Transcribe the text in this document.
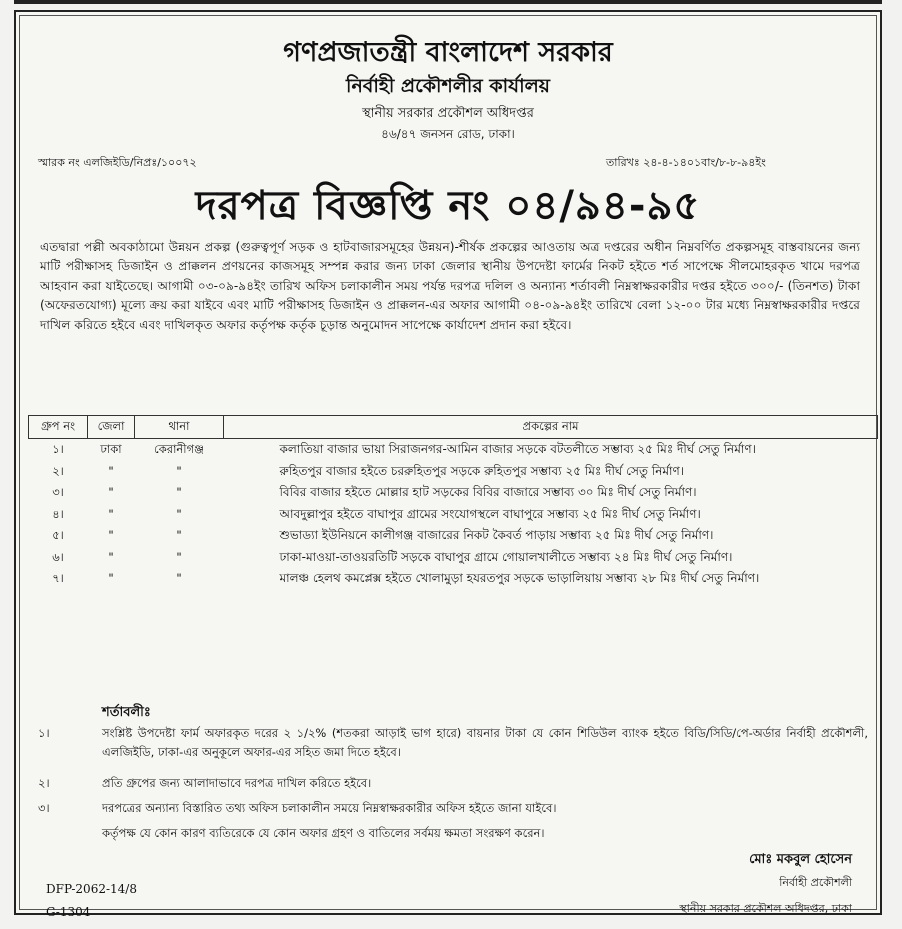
গণপ্রজাতন্ত্রী বাংলাদেশ সরকার
নির্বাহী প্রকৌশলীর কার্যালয়
স্থানীয় সরকার প্রকৌশল অধিদপ্তর
৪৬/৪৭ জনসন রোড, ঢাকা।
স্মারক নং এলজিইডি/নিপ্রঃ/১০০৭২	তারিখঃ ২৪-৪-১৪০১বাং/৮-৮-৯৪ইং
দরপত্র বিজ্ঞপ্তি নং ০৪/৯৪-৯৫
এতদ্বারা পল্লী অবকাঠামো উন্নয়ন প্রকল্প (গুরুত্বপূর্ণ সড়ক ও হাটবাজারসমূহের উন্নয়ন)-শীর্ষক প্রকল্পের আওতায় অত্র দপ্তরের অধীন নিম্নবর্ণিত প্রকল্পসমূহ বাস্তবায়নের জন্য মাটি পরীক্ষাসহ ডিজাইন ও প্রাক্কলন প্রণয়নের কাজসমূহ সম্পন্ন করার জন্য ঢাকা জেলার স্থানীয় উপদেষ্টা ফার্মের নিকট হইতে শর্ত সাপেক্ষে সীলমোহরকৃত খামে দরপত্র আহবান করা যাইতেছে। আগামী ০৩-০৯-৯৪ইং তারিখ অফিস চলাকালীন সময় পর্যন্ত দরপত্র দলিল ও অন্যান্য শর্তাবলী নিম্নস্বাক্ষরকারীর দপ্তর হইতে ৩০০/- (তিনশত) টাকা (অফেরতযোগ্য) মূল্যে ক্রয় করা যাইবে এবং মাটি পরীক্ষাসহ ডিজাইন ও প্রাক্কলন-এর অফার আগামী ০৪-০৯-৯৪ইং তারিখে বেলা ১২-০০ টার মধ্যে নিম্নস্বাক্ষরকারীর দপ্তরে দাখিল করিতে হইবে এবং দাখিলকৃত অফার কর্তৃপক্ষ কর্তৃক চূড়ান্ত অনুমোদন সাপেক্ষে কার্যাদেশ প্রদান করা হইবে।
গ্রুপ নং	জেলা	থানা	প্রকল্পের নাম
১।	ঢাকা	কেরানীগঞ্জ	কলাতিয়া বাজার ভায়া সিরাজনগর-আমিন বাজার সড়কে বটতলীতে সম্ভাব্য ২৫ মিঃ দীর্ঘ সেতু নির্মাণ।
২।	"	"	রুহিতপুর বাজার হইতে চররুহিতপুর সড়কে রুহিতপুর সম্ভাব্য ২৫ মিঃ দীর্ঘ সেতু নির্মাণ।
৩।	"	"	বিবির বাজার হইতে মোল্লার হাট সড়কের বিবির বাজারে সম্ভাব্য ৩০ মিঃ দীর্ঘ সেতু নির্মাণ।
৪।	"	"	আবদুল্লাপুর হইতে বাঘাপুর গ্রামের সংযোগস্থলে বাঘাপুরে সম্ভাব্য ২৫ মিঃ দীর্ঘ সেতু নির্মাণ।
৫।	"	"	শুভাড্যা ইউনিয়নে কালীগঞ্জ বাজারের নিকট কৈবর্ত পাড়ায় সম্ভাব্য ২৫ মিঃ দীর্ঘ সেতু নির্মাণ।
৬।	"	"	ঢাকা-মাওয়া-তাওয়রতিটি সড়কে বাঘাপুর গ্রামে গোয়ালখালীতে সম্ভাব্য ২৪ মিঃ দীর্ঘ সেতু নির্মাণ।
৭।	"	"	মালঞ্চ হেলথ কমপ্লেক্স হইতে খোলামুড়া হযরতপুর সড়কে ভাড়ালিয়ায় সম্ভাব্য ২৮ মিঃ দীর্ঘ সেতু নির্মাণ।
শর্তাবলীঃ
১।	সংশ্লিষ্ট উপদেষ্টা ফার্ম অফারকৃত দরের ২ ১/২% (শতকরা আড়াই ভাগ হারে) বায়নার টাকা যে কোন শিডিউল ব্যাংক হইতে বিডি/সিডি/পে-অর্ডার নির্বাহী প্রকৌশলী, এলজিইডি, ঢাকা-এর অনুকূলে অফার-এর সহিত জমা দিতে হইবে।
২।	প্রতি গ্রুপের জন্য আলাদাভাবে দরপত্র দাখিল করিতে হইবে।
৩।	দরপত্রের অন্যান্য বিস্তারিত তথ্য অফিস চলাকালীন সময়ে নিম্নস্বাক্ষরকারীর অফিস হইতে জানা যাইবে।
কর্তৃপক্ষ যে কোন কারণ ব্যতিরেকে যে কোন অফার গ্রহণ ও বাতিলের সর্বময় ক্ষমতা সংরক্ষণ করেন।
মোঃ মকবুল হোসেন
নির্বাহী প্রকৌশলী
স্থানীয় সরকার প্রকৌশল অধিদপ্তর, ঢাকা
DFP-2062-14/8
G-1304
